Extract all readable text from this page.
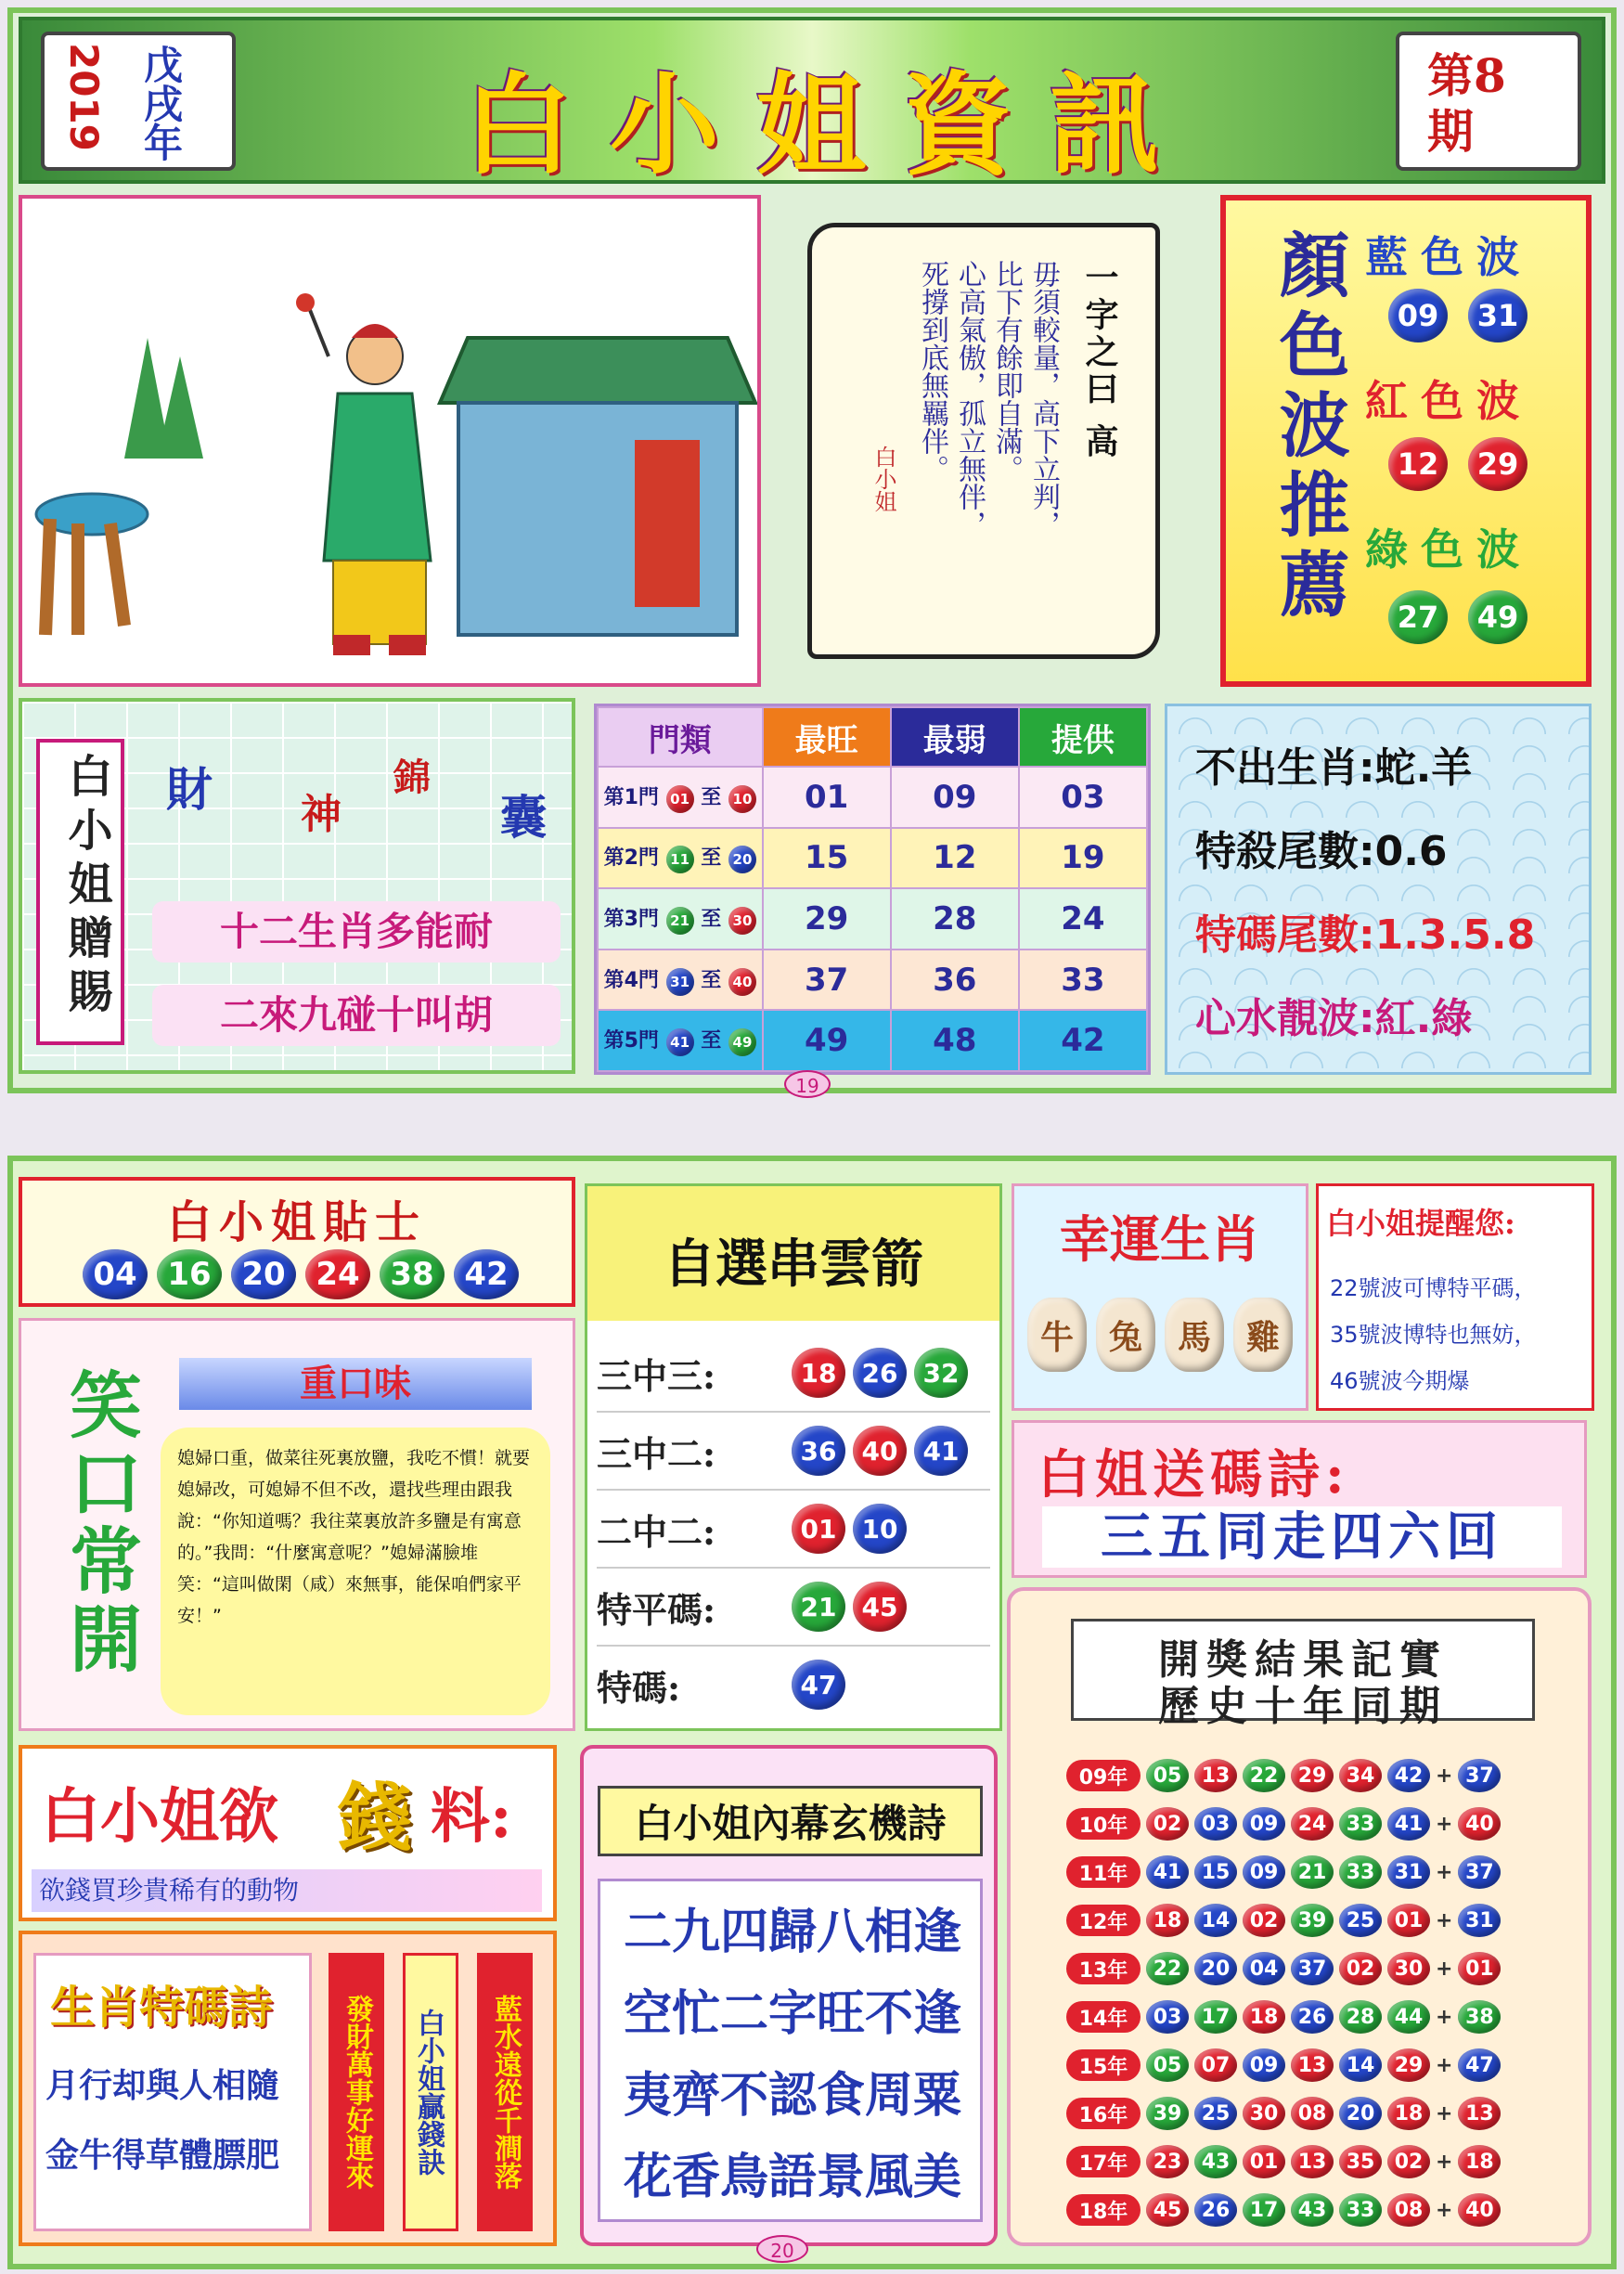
2019 戊戌年	白小姐資訊	第8期
一字之曰 高
毋須較量，高下立判，
比下有餘即自滿。
心高氣傲，孤立無伴，
死撐到底無羈伴。
白小姐	顏色波推薦 藍色波
09	31
紅色波
12	29
綠色波
27	49
白小姐贈賜 財 神
錦
囊
十二生肖多能耐
二來九碰十叫胡
門類	最旺	最弱	提供
第1門 01 至 10	01	09	03
第2門 11 至 20	15	12	19
第3門 21 至 30	29	28	24
第4門 31 至 40	37	36	33
第5門 41 至 49	49	48	42
不出生肖:蛇.羊
特殺尾數:0.6
特碼尾數:1.3.5.8
心水靚波:紅.綠
19
白小姐貼士
04 16 20 24 38 42
笑口常開	重口味
媳婦口重，做菜往死裏放鹽，我吃不慣！就要媳婦改，可媳婦不但不改，還找些理由跟我說：“你知道嗎？我往菜裏放許多鹽是有寓意的。”我問：“什麼寓意呢？”媳婦滿臉堆笑：“這叫做閑（咸）來無事，能保咱們家平安！”
自選串雲箭
三中三:	18 26 32
三中二:	36 40 41
二中二:	01 10
特平碼:	21 45
特碼:	47
幸運生肖
牛	兔	馬	雞
白小姐提醒您:
22號波可博特平碼，
35號波博特也無妨，
46號波今期爆
白姐送碼詩:
三五同走四六回
開獎結果記實
歷史十年同期
09年	05 13 22 29 34 42 + 37
10年	02 03 09 24 33 41 + 40
11年	41 15 09 21 33 31 + 37
12年	18 14 02 39 25 01 + 31
13年	22 20 04 37 02 30 + 01
14年	03 17 18 26 28 44 + 38
15年	05 07 09 13 14 29 + 47
16年	39 25 30 08 20 18 + 13
17年	23 43 01 13 35 02 + 18
18年	45 26 17 43 33 08 + 40
白小姐欲 錢 料:
欲錢買珍貴稀有的動物
生肖特碼詩
月行却與人相隨
金牛得草體膘肥	發財萬事好運來	白小姐贏錢訣	藍水遠從千澗落
白小姐內幕玄機詩
二九四歸八相逢
空忙二字旺不逢
夷齊不認食周粟
花香鳥語景風美
20
